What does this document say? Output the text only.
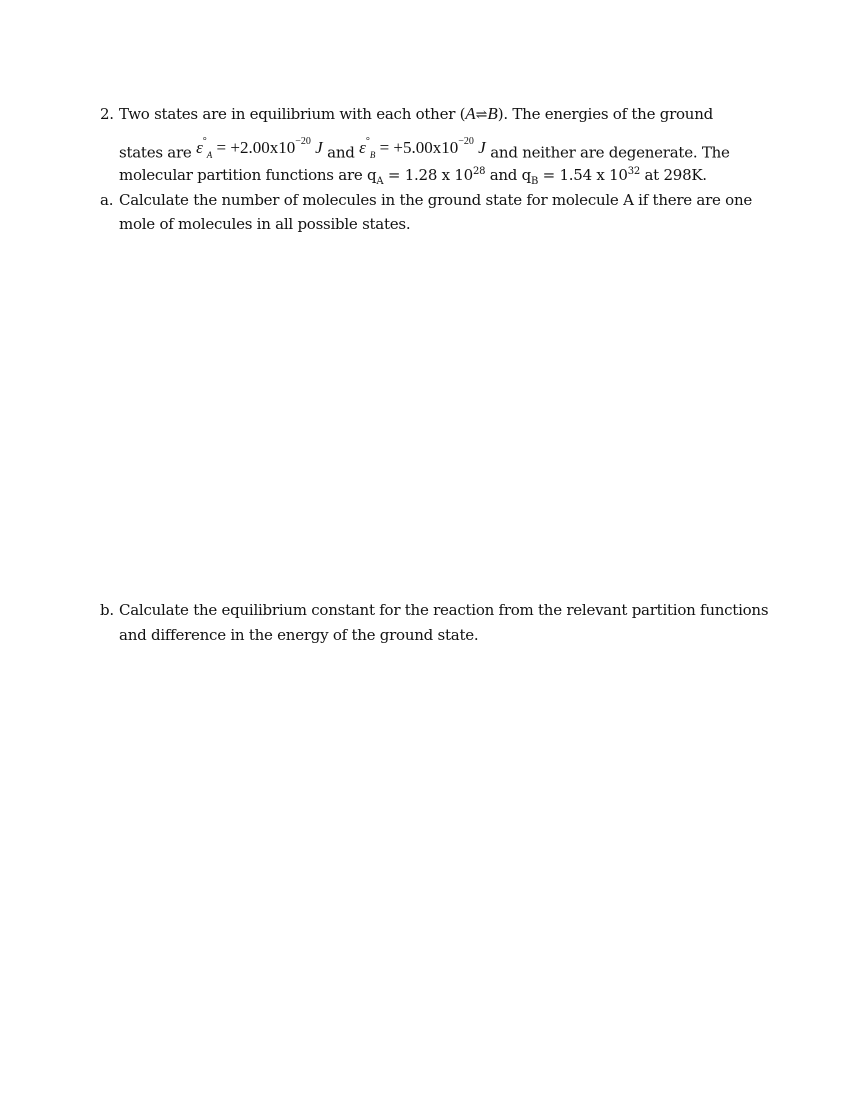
2. Two states are in equilibrium with each other (A⇌B). The energies of the ground
states are $\varepsilon^\circ_A = +2.00x10^{-20}$ J and $\varepsilon^\circ_B = +5.00x10^{-20}$ J and neither are degenerate. The
molecular partition functions are $q_A = 1.28$ x $10^{28}$ and $q_B = 1.54$ x $10^{32}$ at 298K.
a. Calculate the number of molecules in the ground state for molecule A if there are one
mole of molecules in all possible states.
b. Calculate the equilibrium constant for the reaction from the relevant partition functions
and difference in the energy of the ground state.
